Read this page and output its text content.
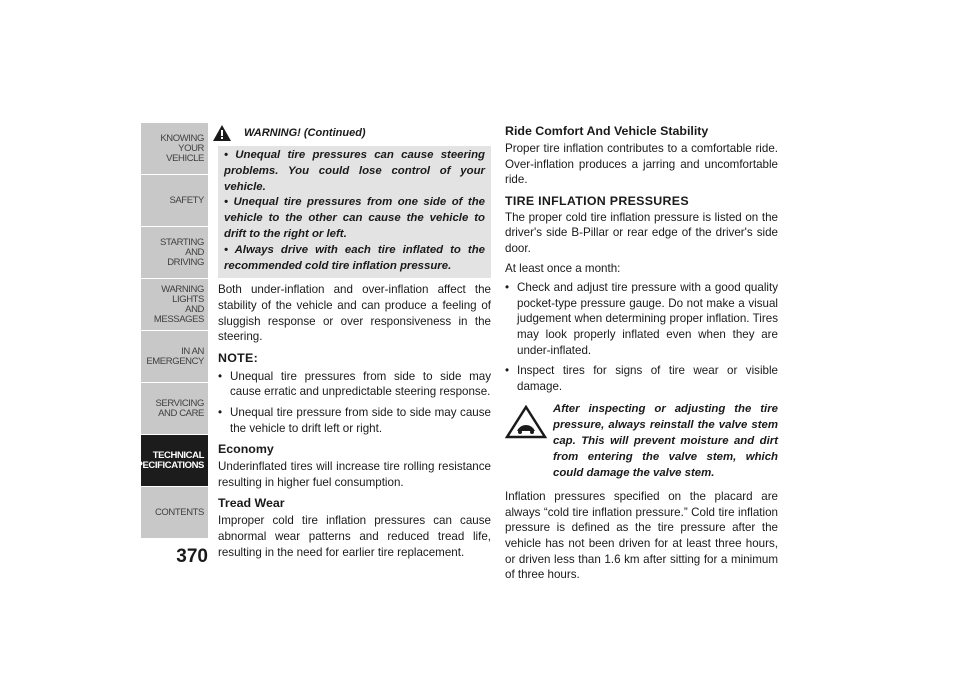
KNOWING
YOUR
VEHICLE
SAFETY
STARTING
AND
DRIVING
WARNING
LIGHTS
AND
MESSAGES
IN AN
EMERGENCY
SERVICING
AND CARE
TECHNICAL
SPECIFICATIONS
CONTENTS
370
WARNING! (Continued)
• Unequal tire pressures can cause steering problems. You could lose control of your vehicle.
• Unequal tire pressures from one side of the vehicle to the other can cause the vehicle to drift to the right or left.
• Always drive with each tire inflated to the recommended cold tire inflation pressure.

Both under-inflation and over-inflation affect the stability of the vehicle and can produce a feeling of sluggish response or over responsiveness in the steering.

NOTE:
• Unequal tire pressures from side to side may cause erratic and unpredictable steering response.
• Unequal tire pressure from side to side may cause the vehicle to drift left or right.
Economy

Underinflated tires will increase tire rolling resistance resulting in higher fuel consumption.

Tread Wear

Improper cold tire inflation pressures can cause abnormal wear patterns and reduced tread life, resulting in the need for earlier tire replacement.

Ride Comfort And Vehicle Stability

Proper tire inflation contributes to a comfortable ride. Over-inflation produces a jarring and uncomfortable ride.

TIRE INFLATION PRESSURES

The proper cold tire inflation pressure is listed on the driver's side B-Pillar or rear edge of the driver's side door.

At least once a month:

• Check and adjust tire pressure with a good quality pocket-type pressure gauge. Do not make a visual judgement when determining proper inflation. Tires may look properly inflated even when they are under-inflated.
• Inspect tires for signs of tire wear or visible damage.
After inspecting or adjusting the tire pressure, always reinstall the valve stem cap. This will prevent moisture and dirt from entering the valve stem, which could damage the valve stem.

Inflation pressures specified on the placard are always “cold tire inflation pressure.” Cold tire inflation pressure is defined as the tire pressure after the vehicle has not been driven for at least three hours, or driven less than 1.6 km after sitting for a minimum of three hours.
